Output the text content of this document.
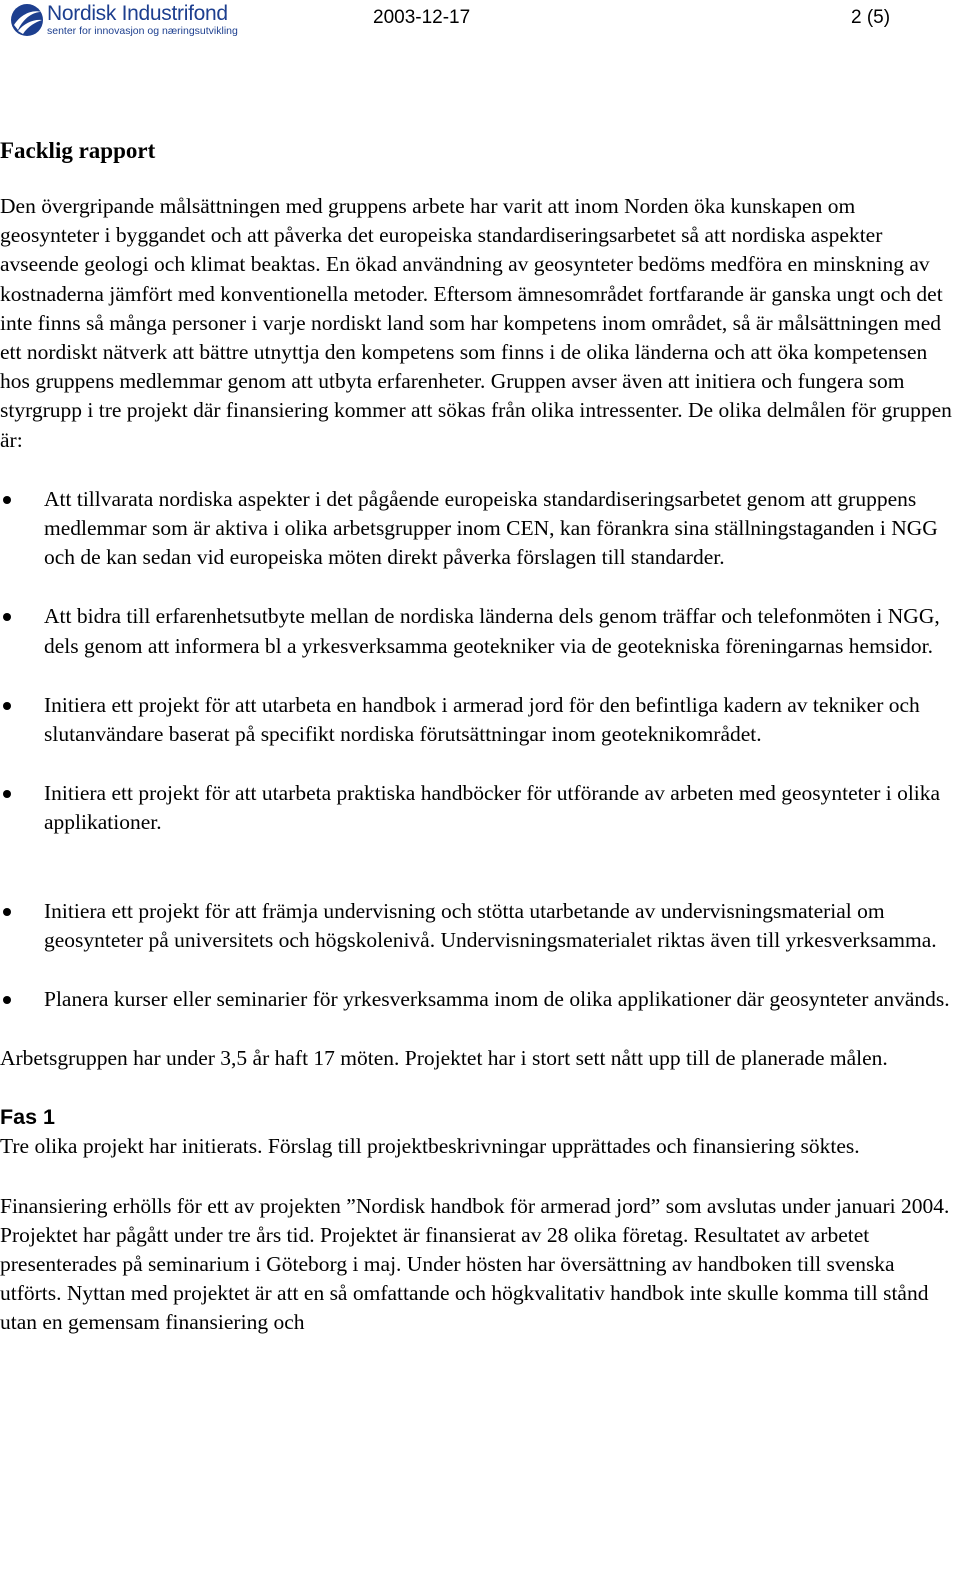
Nordisk Industrifond
senter for innovasjon og næringsutvikling
2003-12-17	2 (5)
Facklig rapport

Den övergripande målsättningen med gruppens arbete har varit att inom Norden öka kunskapen om geosynteter i byggandet och att påverka det europeiska standardiseringsarbetet så att nordiska aspekter avseende geologi och klimat beaktas. En ökad användning av geosynteter bedöms medföra en minskning av kostnaderna jämfört med konventionella metoder. Eftersom ämnesområdet fortfarande är ganska ungt och det inte finns så många personer i varje nordiskt land som har kompetens inom området, så är målsättningen med ett nordiskt nätverk att bättre utnyttja den kompetens som finns i de olika länderna och att öka kompetensen hos gruppens medlemmar genom att utbyta erfarenheter. Gruppen avser även att initiera och fungera som styrgrupp i tre projekt där finansiering kommer att sökas från olika intressenter. De olika delmålen för gruppen är:

Att tillvarata nordiska aspekter i det pågående europeiska standardiseringsarbetet genom att gruppens medlemmar som är aktiva i olika arbetsgrupper inom CEN, kan förankra sina ställningstaganden i NGG och de kan sedan vid europeiska möten direkt påverka förslagen till standarder.
Att bidra till erfarenhetsutbyte mellan de nordiska länderna dels genom träffar och telefonmöten i NGG, dels genom att informera bl a yrkesverksamma geotekniker via de geotekniska föreningarnas hemsidor.
Initiera ett projekt för att utarbeta en handbok i armerad jord för den befintliga kadern av tekniker och slutanvändare baserat på specifikt nordiska förutsättningar inom geoteknikområdet.
Initiera ett projekt för att utarbeta praktiska handböcker för utförande av arbeten med geosynteter i olika applikationer.
Initiera ett projekt för att främja undervisning och stötta utarbetande av undervisningsmaterial om geosynteter på universitets och högskolenivå. Undervisningsmaterialet riktas även till yrkesverksamma.
Planera kurser eller seminarier för yrkesverksamma inom de olika applikationer där geosynteter används.

Arbetsgruppen har under 3,5 år haft 17 möten. Projektet har i stort sett nått upp till de planerade målen.

Fas 1

Tre olika projekt har initierats. Förslag till projektbeskrivningar upprättades och finansiering söktes.

Finansiering erhölls för ett av projekten ”Nordisk handbok för armerad jord” som avslutas under januari 2004. Projektet har pågått under tre års tid. Projektet är finansierat av 28 olika företag. Resultatet av arbetet presenterades på seminarium i Göteborg i maj. Under hösten har översättning av handboken till svenska utförts. Nyttan med projektet är att en så omfattande och högkvalitativ handbok inte skulle komma till stånd utan en gemensam finansiering och
